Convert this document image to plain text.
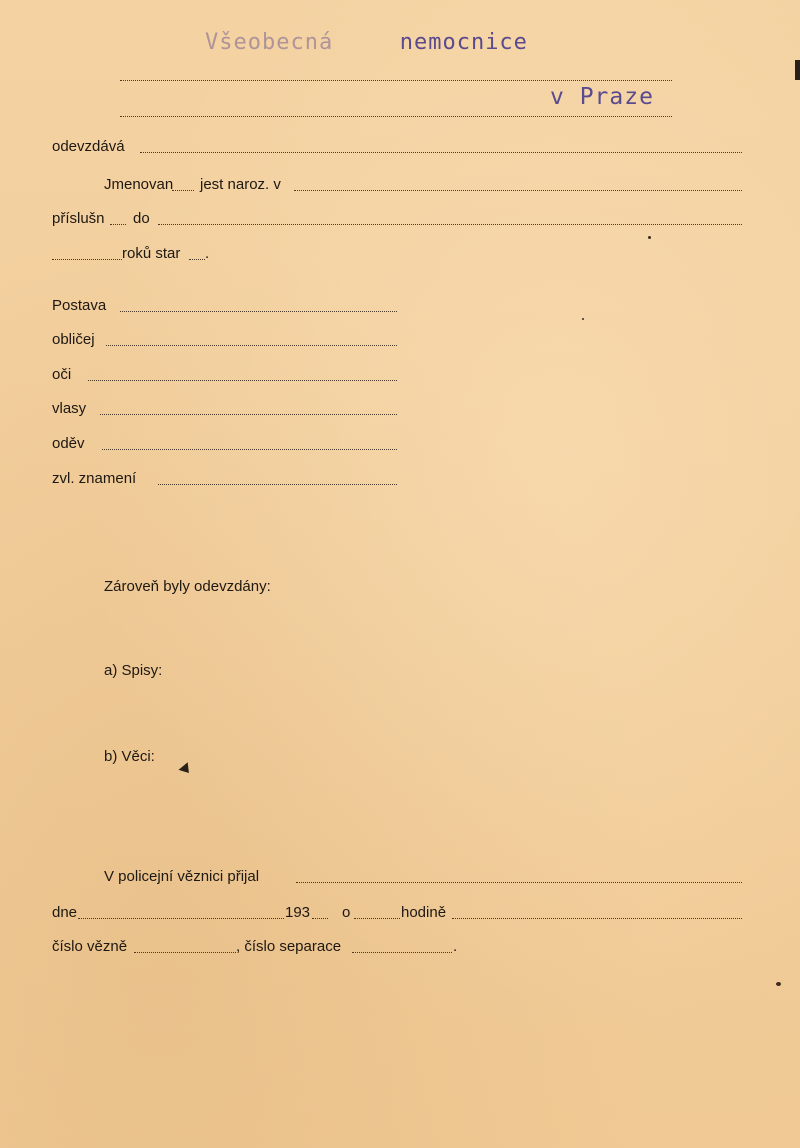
Všeobecná	nemocnice
v Praze
odevzdává
Jmenovan jest naroz. v
příslušn do
roků star .
Postava
obličej
oči
vlasy
oděv
zvl. znamení
Zároveň byly odevzdány:
a) Spisy:
b) Věci:
V policejní věznici přijal
dne	193 o	hodině
číslo vězně	, číslo separace	.
